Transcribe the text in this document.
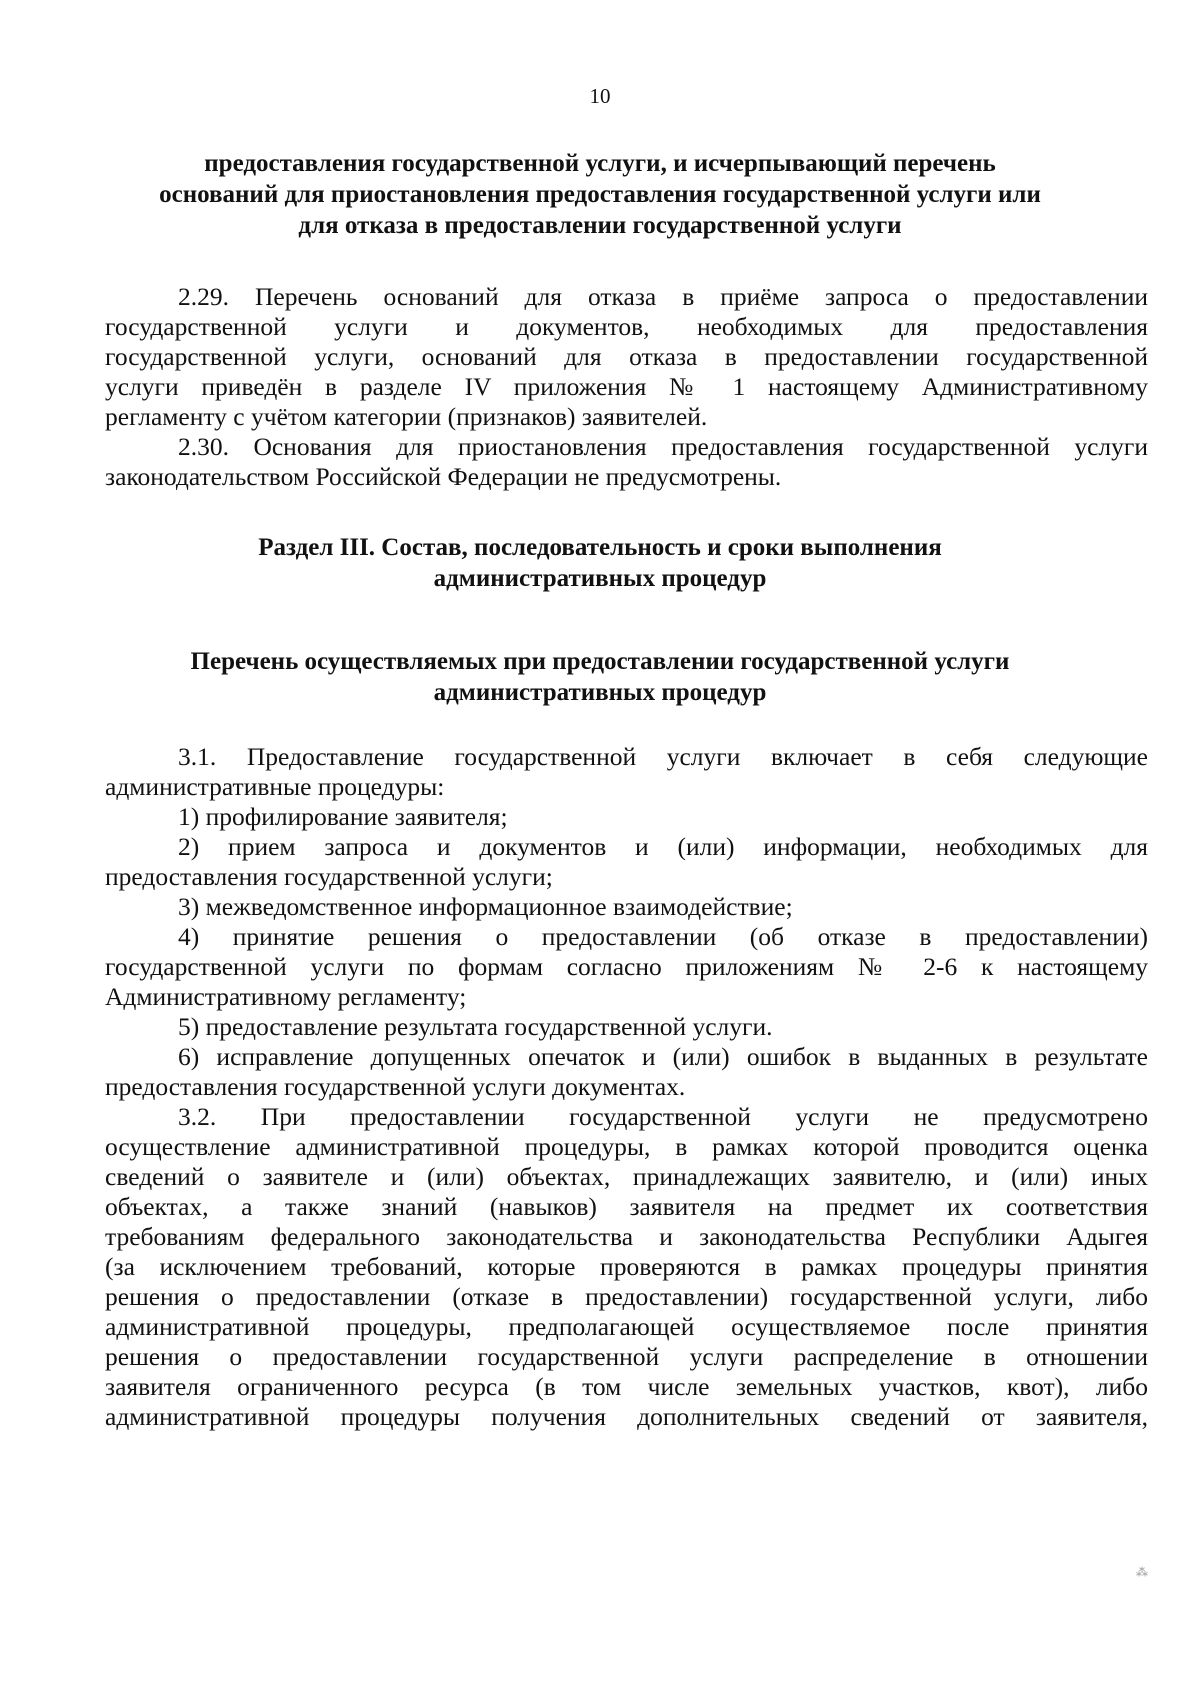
10
предоставления государственной услуги, и исчерпывающий перечень
оснований для приостановления предоставления государственной услуги или
для отказа в предоставлении государственной услуги
2.29. Перечень оснований для отказа в приёме запроса о предоставлении
государственной услуги и документов, необходимых для предоставления
государственной услуги, оснований для отказа в предоставлении государственной
услуги приведён в разделе IV приложения № 1 настоящему Административному
регламенту с учётом категории (признаков) заявителей.
2.30. Основания для приостановления предоставления государственной услуги
законодательством Российской Федерации не предусмотрены.
Раздел III. Состав, последовательность и сроки выполнения
административных процедур
Перечень осуществляемых при предоставлении государственной услуги
административных процедур
3.1. Предоставление государственной услуги включает в себя следующие
административные процедуры:
1) профилирование заявителя;
2) прием запроса и документов и (или) информации, необходимых для
предоставления государственной услуги;
3) межведомственное информационное взаимодействие;
4) принятие решения о предоставлении (об отказе в предоставлении)
государственной услуги по формам согласно приложениям № 2-6 к настоящему
Административному регламенту;
5) предоставление результата государственной услуги.
6) исправление допущенных опечаток и (или) ошибок в выданных в результате
предоставления государственной услуги документах.
3.2. При предоставлении государственной услуги не предусмотрено
осуществление административной процедуры, в рамках которой проводится оценка
сведений о заявителе и (или) объектах, принадлежащих заявителю, и (или) иных
объектах, а также знаний (навыков) заявителя на предмет их соответствия
требованиям федерального законодательства и законодательства Республики Адыгея
(за исключением требований, которые проверяются в рамках процедуры принятия
решения о предоставлении (отказе в предоставлении) государственной услуги, либо
административной процедуры, предполагающей осуществляемое после принятия
решения о предоставлении государственной услуги распределение в отношении
заявителя ограниченного ресурса (в том числе земельных участков, квот), либо
административной процедуры получения дополнительных сведений от заявителя,
⁂
